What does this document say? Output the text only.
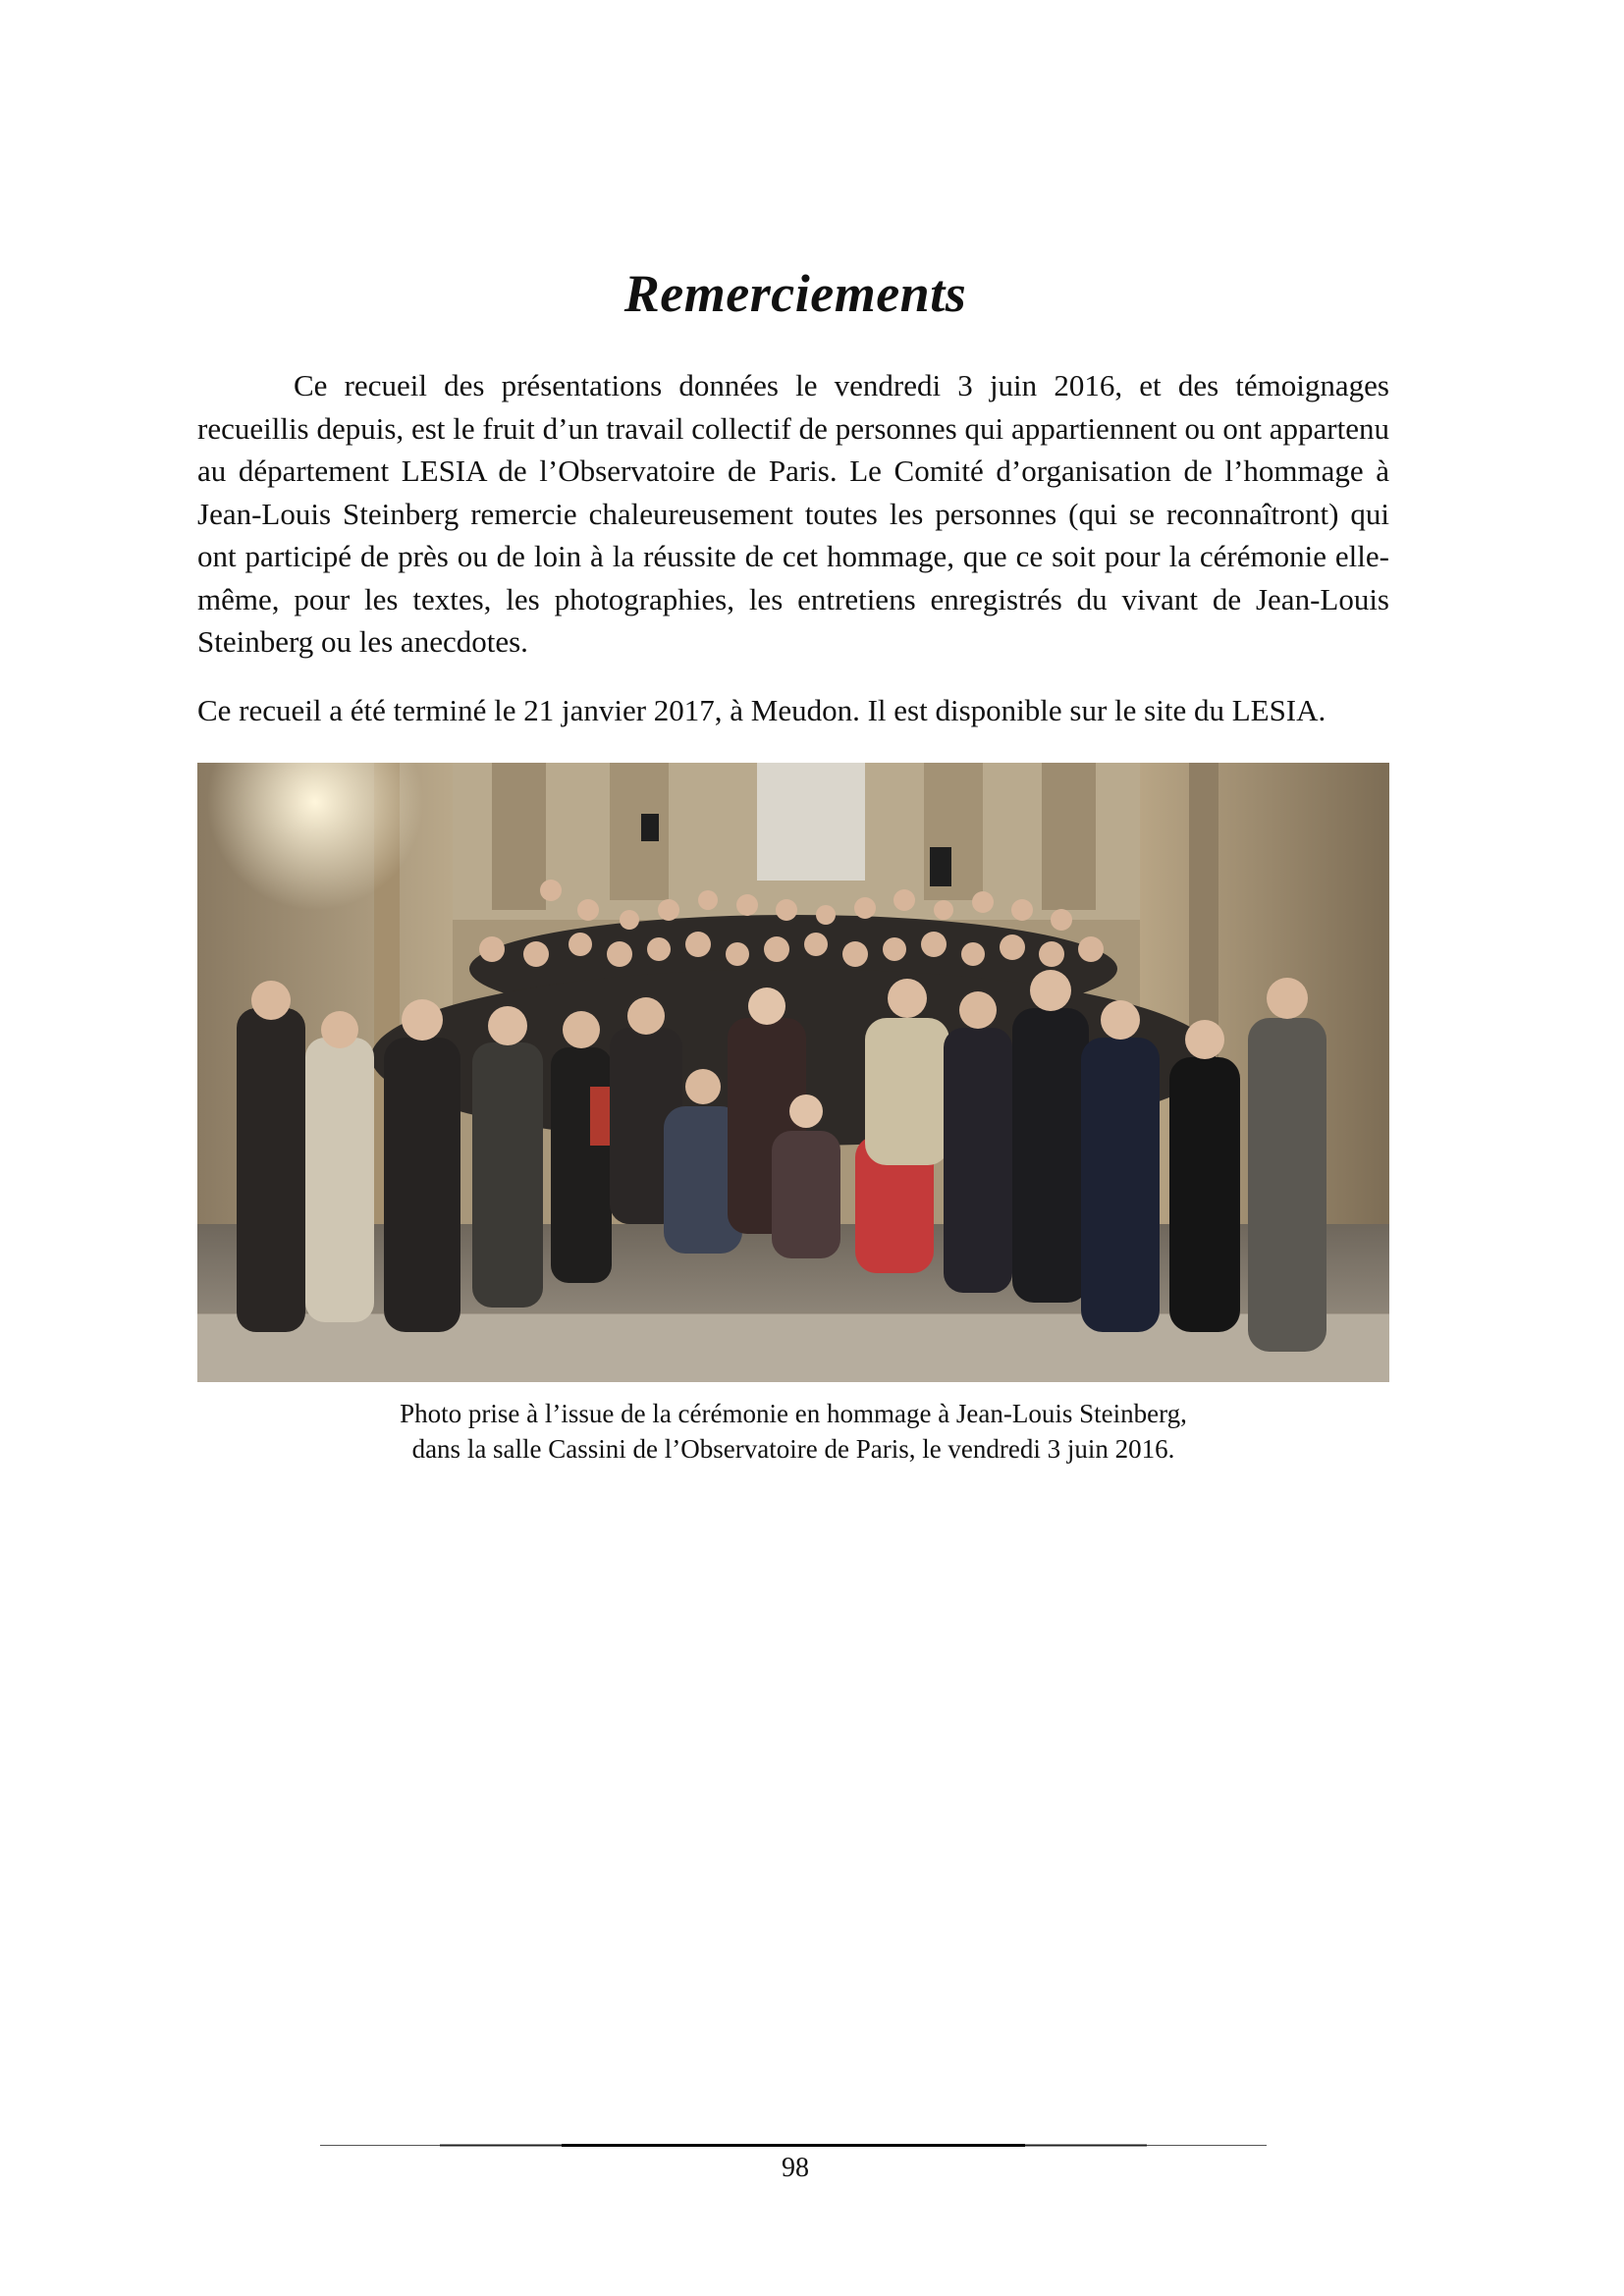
Remerciements

Ce recueil des présentations données le vendredi 3 juin 2016, et des témoignages recueillis depuis, est le fruit d’un travail collectif de personnes qui appartiennent ou ont appartenu au département LESIA de l’Observatoire de Paris. Le Comité d’organisation de l’hommage à Jean-Louis Steinberg remercie chaleureusement toutes les personnes (qui se reconnaîtront) qui ont participé de près ou de loin à la réussite de cet hommage, que ce soit pour la cérémonie elle-même, pour les textes, les photographies, les entretiens enregistrés du vivant de Jean-Louis Steinberg ou les anecdotes.

Ce recueil a été terminé le 21 janvier 2017, à Meudon. Il est disponible sur le site du LESIA.

Photo prise à l’issue de la cérémonie en hommage à Jean-Louis Steinberg,
dans la salle Cassini de l’Observatoire de Paris, le vendredi 3 juin 2016.

98
